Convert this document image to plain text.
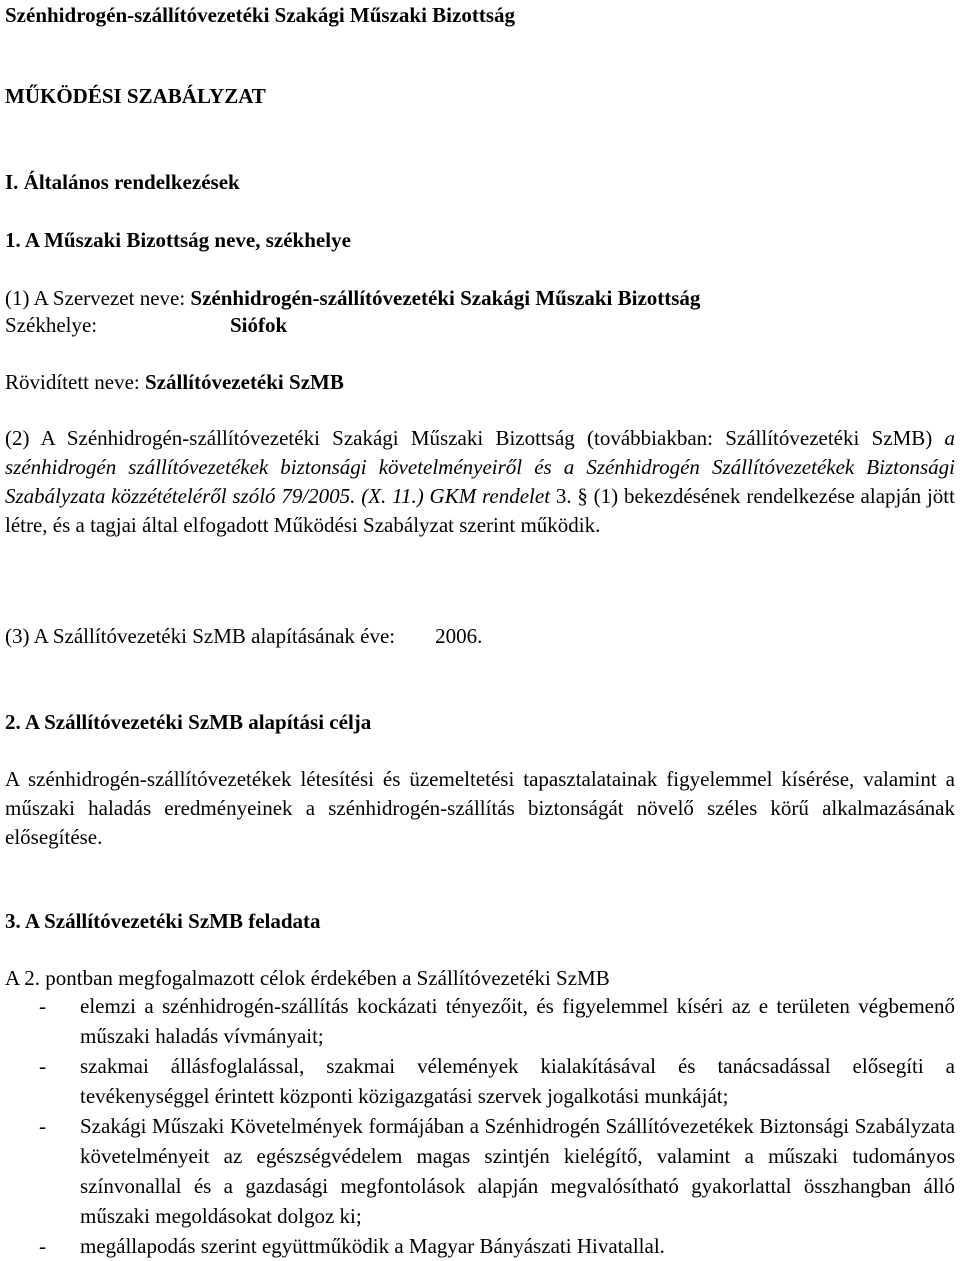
Szénhidrogén-szállítóvezetéki Szakági Műszaki Bizottság
MŰKÖDÉSI SZABÁLYZAT
I. Általános rendelkezések
1. A Műszaki Bizottság neve, székhelye
(1) A Szervezet neve: Szénhidrogén-szállítóvezetéki Szakági Műszaki Bizottság
Székhelye:	Siófok
Rövidített neve: Szállítóvezetéki SzMB
(2) A Szénhidrogén-szállítóvezetéki Szakági Műszaki Bizottság (továbbiakban: Szállítóvezetéki SzMB) a szénhidrogén szállítóvezetékek biztonsági követelményeiről és a Szénhidrogén Szállítóvezetékek Biztonsági Szabályzata közzétételéről szóló 79/2005. (X. 11.) GKM rendelet 3. § (1) bekezdésének rendelkezése alapján jött létre, és a tagjai által elfogadott Működési Szabályzat szerint működik.
(3) A Szállítóvezetéki SzMB alapításának éve: 2006.
2. A Szállítóvezetéki SzMB alapítási célja
A szénhidrogén-szállítóvezetékek létesítési és üzemeltetési tapasztalatainak figyelemmel kísérése, valamint a műszaki haladás eredményeinek a szénhidrogén-szállítás biztonságát növelő széles körű alkalmazásának elősegítése.
3. A Szállítóvezetéki SzMB feladata
A 2. pontban megfogalmazott célok érdekében a Szállítóvezetéki SzMB
- elemzi a szénhidrogén-szállítás kockázati tényezőit, és figyelemmel kíséri az e területen végbemenő műszaki haladás vívmányait;
- szakmai állásfoglalással, szakmai vélemények kialakításával és tanácsadással elősegíti a tevékenységgel érintett központi közigazgatási szervek jogalkotási munkáját;
- Szakági Műszaki Követelmények formájában a Szénhidrogén Szállítóvezetékek Biztonsági Szabályzata követelményeit az egészségvédelem magas szintjén kielégítő, valamint a műszaki tudományos színvonallal és a gazdasági megfontolások alapján megvalósítható gyakorlattal összhangban álló műszaki megoldásokat dolgoz ki;
- megállapodás szerint együttműködik a Magyar Bányászati Hivatallal.
